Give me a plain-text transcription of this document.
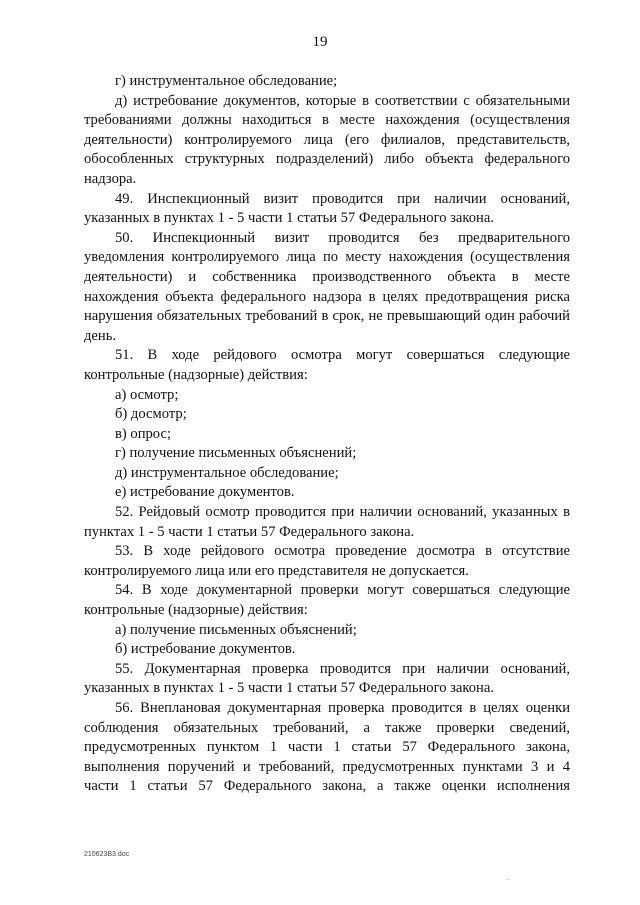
19

г) инструментальное обследование;

д) истребование документов, которые в соответствии с обязательными требованиями должны находиться в месте нахождения (осуществления деятельности) контролируемого лица (его филиалов, представительств, обособленных структурных подразделений) либо объекта федерального надзора.

49. Инспекционный визит проводится при наличии оснований, указанных в пунктах 1 - 5 части 1 статьи 57 Федерального закона.

50. Инспекционный визит проводится без предварительного уведомления контролируемого лица по месту нахождения (осуществления деятельности) и собственника производственного объекта в месте нахождения объекта федерального надзора в целях предотвращения риска нарушения обязательных требований в срок, не превышающий один рабочий день.

51. В ходе рейдового осмотра могут совершаться следующие контрольные (надзорные) действия:

а) осмотр;

б) досмотр;

в) опрос;

г) получение письменных объяснений;

д) инструментальное обследование;

е) истребование документов.

52. Рейдовый осмотр проводится при наличии оснований, указанных в пунктах 1 - 5 части 1 статьи 57 Федерального закона.

53. В ходе рейдового осмотра проведение досмотра в отсутствие контролируемого лица или его представителя не допускается.

54. В ходе документарной проверки могут совершаться следующие контрольные (надзорные) действия:

а) получение письменных объяснений;

б) истребование документов.

55. Документарная проверка проводится при наличии оснований, указанных в пунктах 1 - 5 части 1 статьи 57 Федерального закона.

56. Внеплановая документарная проверка проводится в целях оценки соблюдения обязательных требований, а также проверки сведений, предусмотренных пунктом 1 части 1 статьи 57 Федерального закона, выполнения поручений и требований, предусмотренных пунктами 3 и 4 части 1 статьи 57 Федерального закона, а также оценки исполнения

210623B3.doc
..
